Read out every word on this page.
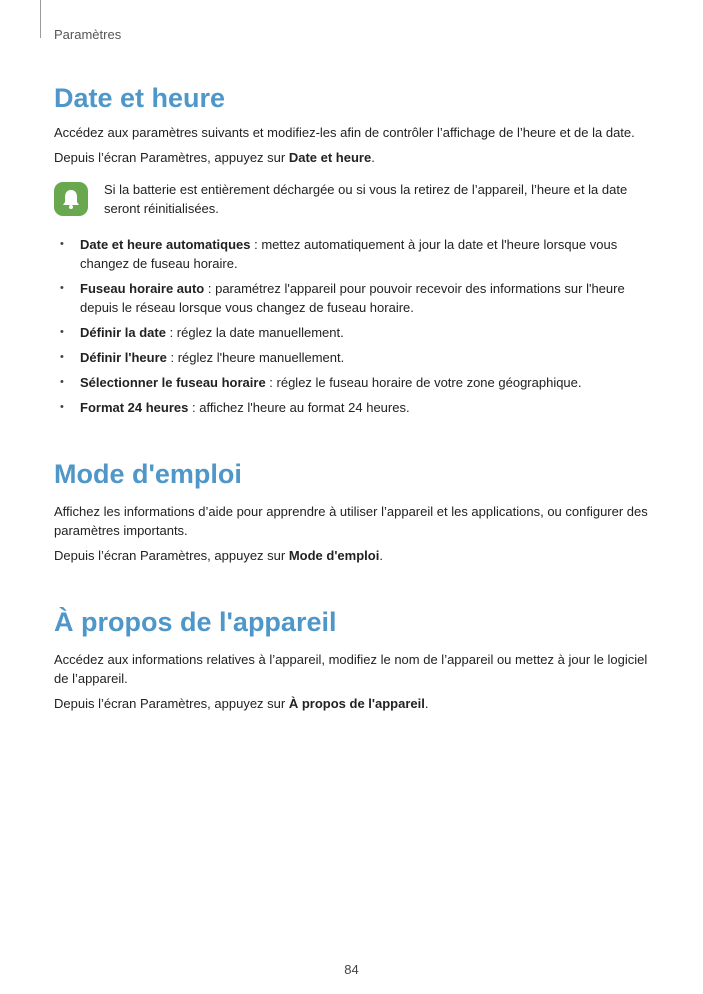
Paramètres
Date et heure

Accédez aux paramètres suivants et modifiez-les afin de contrôler l’affichage de l’heure et de la date.

Depuis l’écran Paramètres, appuyez sur Date et heure.

Si la batterie est entièrement déchargée ou si vous la retirez de l’appareil, l’heure et la date seront réinitialisées.
• Date et heure automatiques : mettez automatiquement à jour la date et l'heure lorsque vous changez de fuseau horaire.
• Fuseau horaire auto : paramétrez l'appareil pour pouvoir recevoir des informations sur l'heure depuis le réseau lorsque vous changez de fuseau horaire.
• Définir la date : réglez la date manuellement.
• Définir l'heure : réglez l'heure manuellement.
• Sélectionner le fuseau horaire : réglez le fuseau horaire de votre zone géographique.
• Format 24 heures : affichez l'heure au format 24 heures.
Mode d'emploi

Affichez les informations d’aide pour apprendre à utiliser l’appareil et les applications, ou configurer des paramètres importants.

Depuis l’écran Paramètres, appuyez sur Mode d'emploi.

À propos de l'appareil

Accédez aux informations relatives à l’appareil, modifiez le nom de l’appareil ou mettez à jour le logiciel de l’appareil.

Depuis l’écran Paramètres, appuyez sur À propos de l'appareil.

84
